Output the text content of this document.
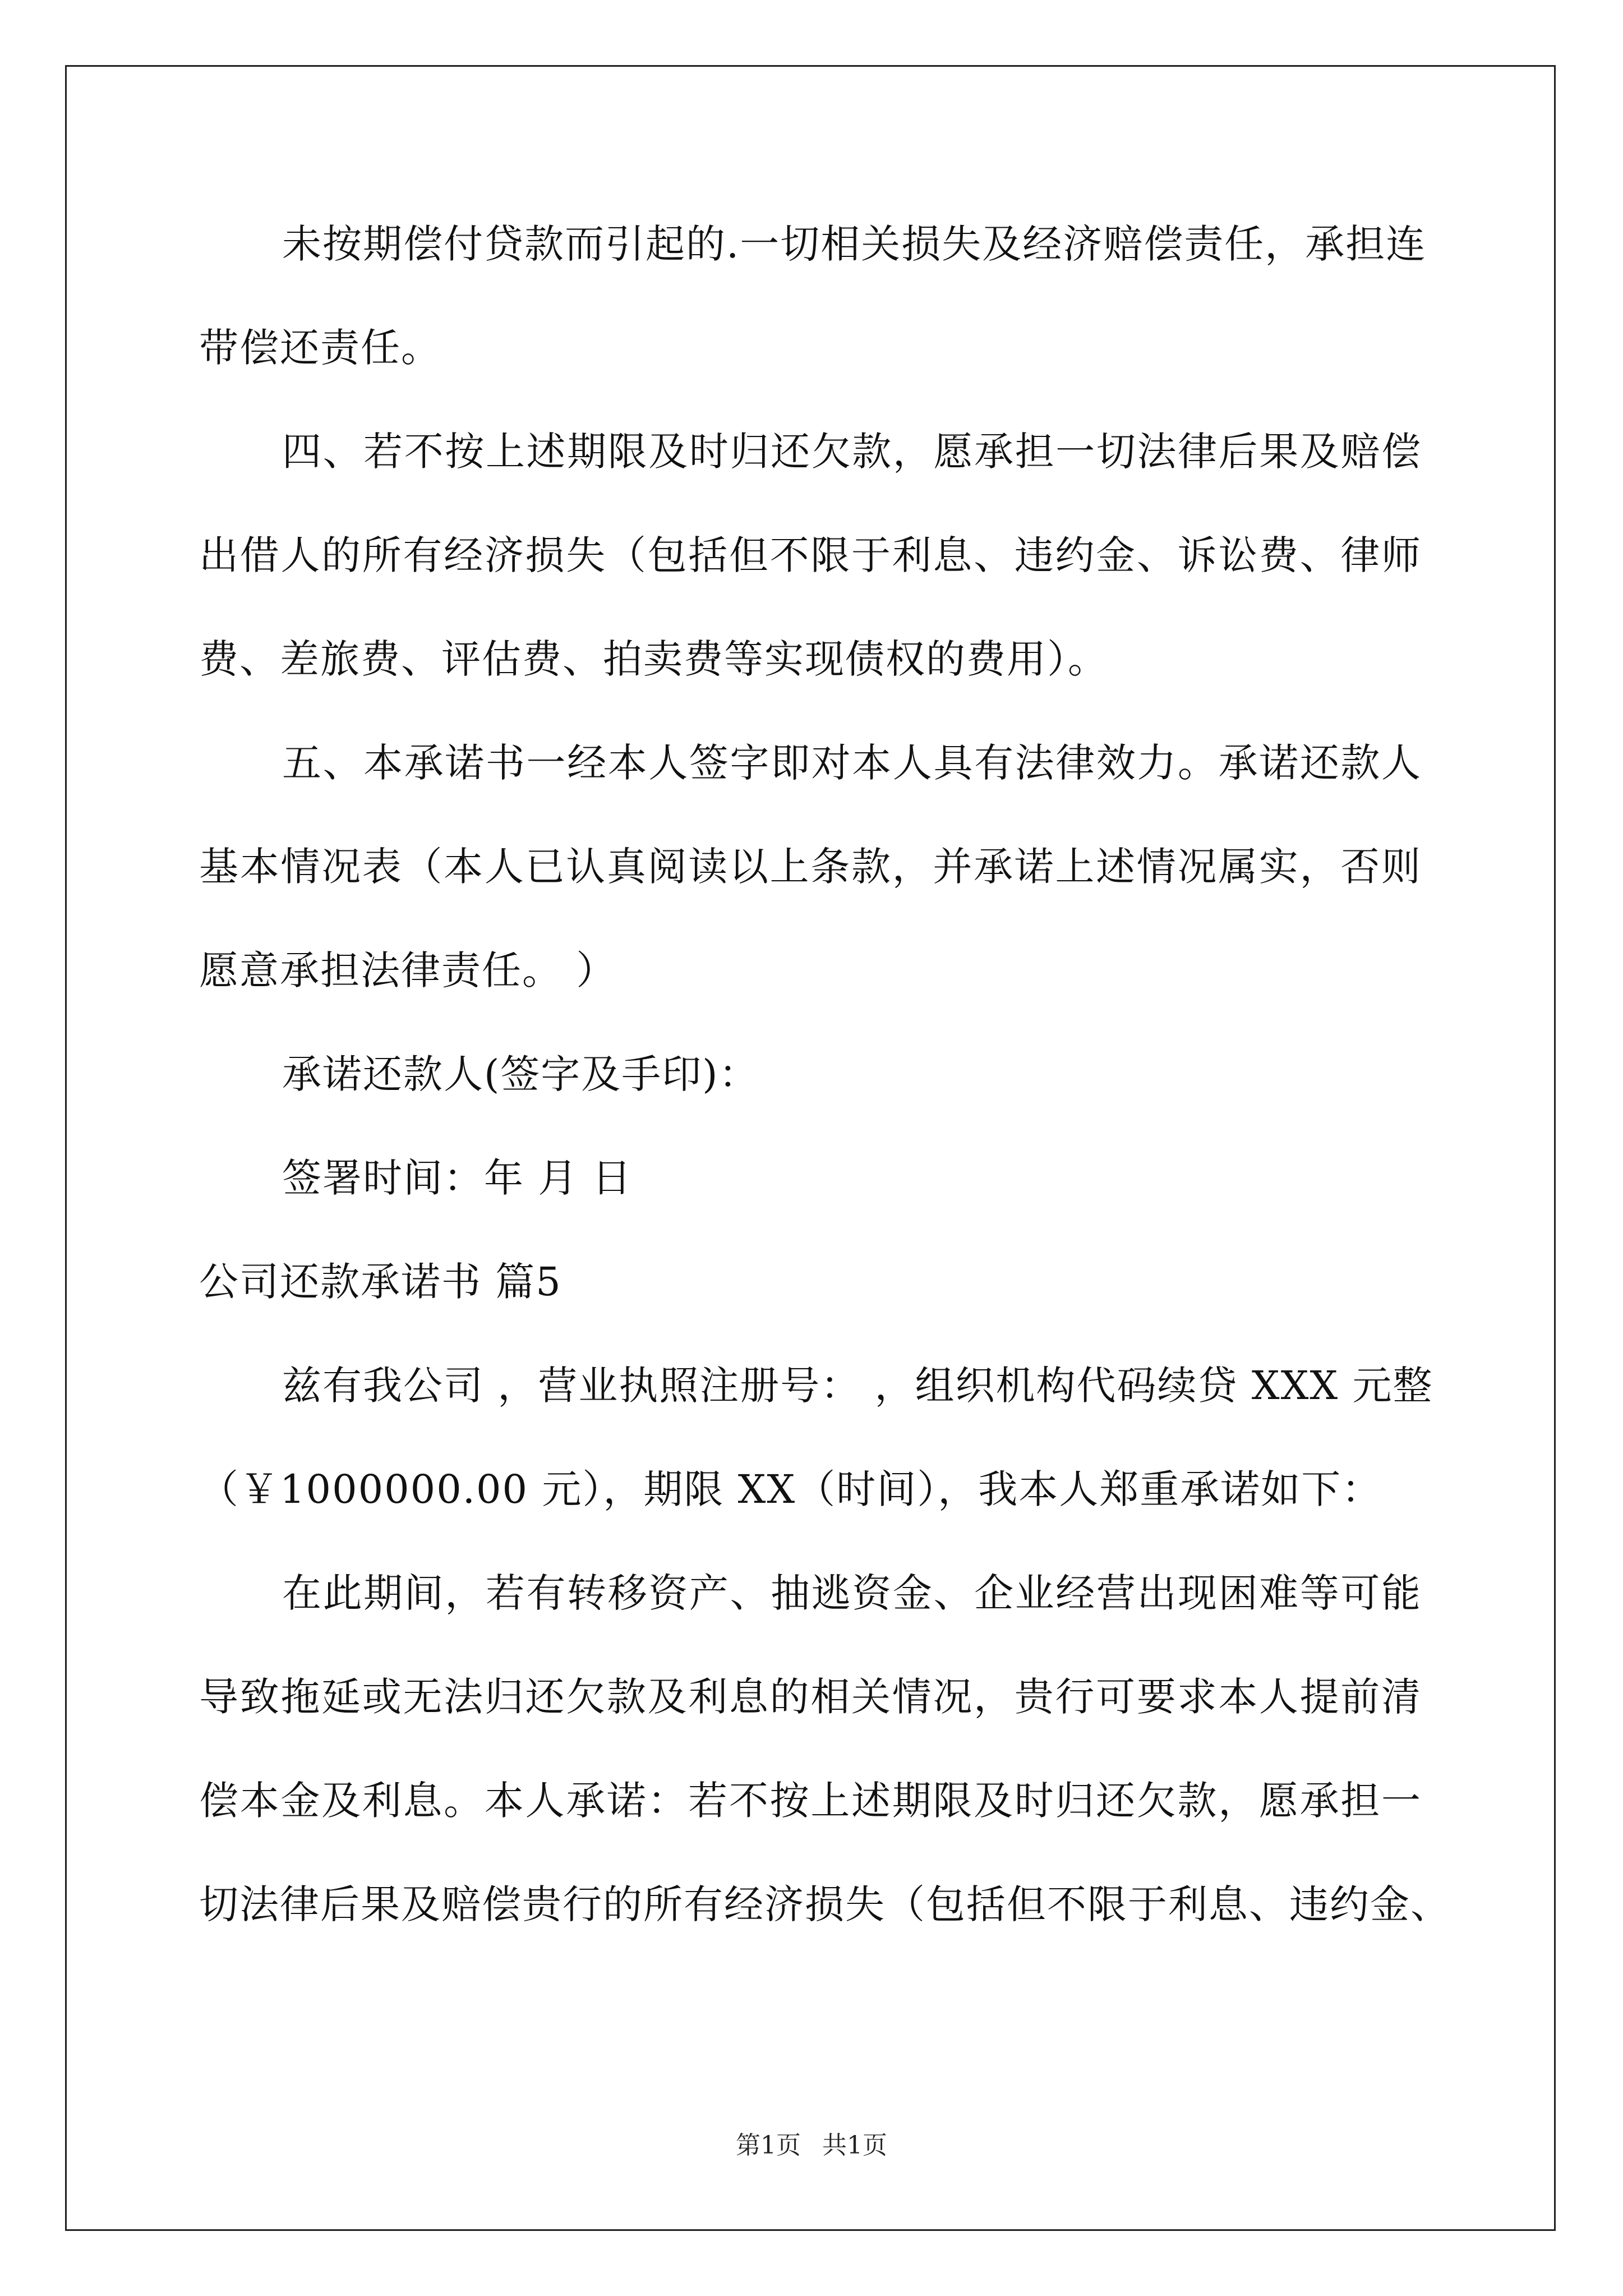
未按期偿付贷款而引起的.一切相关损失及经济赔偿责任，承担连
带偿还责任。
四、若不按上述期限及时归还欠款，愿承担一切法律后果及赔偿
出借人的所有经济损失（包括但不限于利息、违约金、诉讼费、律师
费、差旅费、评估费、拍卖费等实现债权的费用）。
五、本承诺书一经本人签字即对本人具有法律效力。承诺还款人
基本情况表（本人已认真阅读以上条款，并承诺上述情况属实，否则
愿意承担法律责任。 ）
承诺还款人(签字及手印)：
签署时间：年 月 日
公司还款承诺书 篇5
兹有我公司 ，营业执照注册号： ，组织机构代码续贷 XXX 元整
（￥1000000.00 元），期限 XX（时间），我本人郑重承诺如下：
在此期间，若有转移资产、抽逃资金、企业经营出现困难等可能
导致拖延或无法归还欠款及利息的相关情况，贵行可要求本人提前清
偿本金及利息。本人承诺：若不按上述期限及时归还欠款，愿承担一
切法律后果及赔偿贵行的所有经济损失（包括但不限于利息、违约金、
第1页 共1页
